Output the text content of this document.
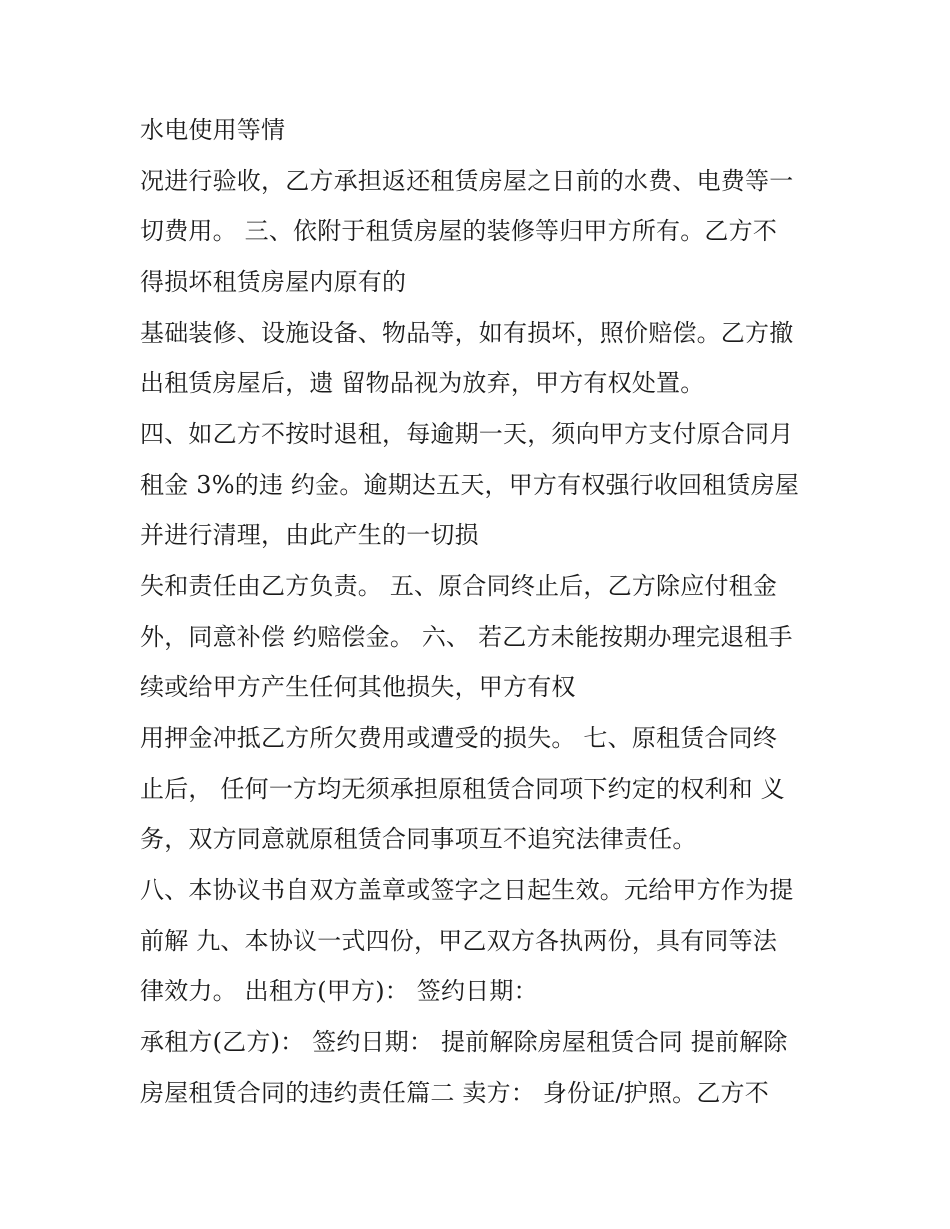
水电使用等情
况进行验收，乙方承担返还租赁房屋之日前的水费、电费等一
切费用。 三、依附于租赁房屋的装修等归甲方所有。乙方不
得损坏租赁房屋内原有的
基础装修、设施设备、物品等，如有损坏，照价赔偿。乙方撤
出租赁房屋后，遗 留物品视为放弃，甲方有权处置。
四、如乙方不按时退租，每逾期一天，须向甲方支付原合同月
租金 3%的违 约金。逾期达五天，甲方有权强行收回租赁房屋
并进行清理，由此产生的一切损
失和责任由乙方负责。 五、原合同终止后，乙方除应付租金
外，同意补偿 约赔偿金。 六、 若乙方未能按期办理完退租手
续或给甲方产生任何其他损失，甲方有权
用押金冲抵乙方所欠费用或遭受的损失。 七、原租赁合同终
止后， 任何一方均无须承担原租赁合同项下约定的权利和 义
务，双方同意就原租赁合同事项互不追究法律责任。
八、本协议书自双方盖章或签字之日起生效。元给甲方作为提
前解 九、本协议一式四份，甲乙双方各执两份，具有同等法
律效力。 出租方(甲方)： 签约日期：
承租方(乙方)： 签约日期： 提前解除房屋租赁合同 提前解除
房屋租赁合同的违约责任篇二 卖方： 身份证/护照。乙方不
